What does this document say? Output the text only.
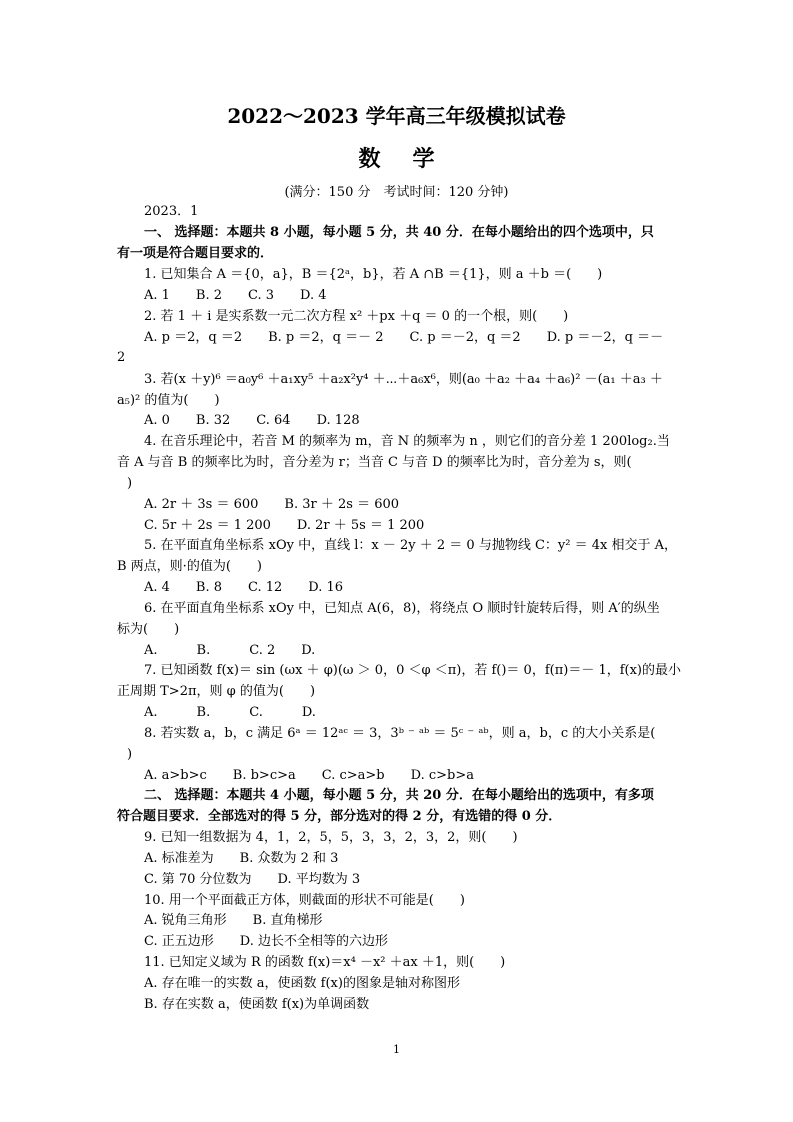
2022～2023 学年高三年级模拟试卷
数学
(满分：150 分　考试时间：120 分钟)
2023．1
一、 选择题：本题共 8 小题，每小题 5 分，共 40 分．在每小题给出的四个选项中，只
有一项是符合题目要求的．
1. 已知集合 A ＝{0，a}，B ＝{2ᵃ，b}，若 A ∩B ＝{1}，则 a ＋b ＝(　　)
A. 1　　B. 2　　C. 3　　D. 4
2. 若 1 ＋ i 是实系数一元二次方程 x² ＋px ＋q ＝ 0 的一个根，则(　　)
A. p ＝2，q ＝2　　B. p ＝2，q ＝－ 2　　C. p ＝－2，q ＝2　　D. p ＝－2，q ＝－
2
3. 若(x ＋y)⁶ ＝a₀y⁶ ＋a₁xy⁵ ＋a₂x²y⁴ ＋⋯＋a₆x⁶，则(a₀ ＋a₂ ＋a₄ ＋a₆)² －(a₁ ＋a₃ ＋
a₅)² 的值为(　　)
A. 0　　B. 32　　C. 64　　D. 128
4. 在音乐理论中，若音 M 的频率为 m，音 N 的频率为 n ，则它们的音分差 1 200log₂.当
音 A 与音 B 的频率比为时，音分差为 r；当音 C 与音 D 的频率比为时，音分差为 s，则(
)
A. 2r ＋ 3s ＝ 600　　B. 3r ＋ 2s ＝ 600
C. 5r ＋ 2s ＝ 1 200　　D. 2r ＋ 5s ＝ 1 200
5. 在平面直角坐标系 xOy 中，直线 l：x － 2y ＋ 2 ＝ 0 与抛物线 C：y² ＝ 4x 相交于 A，
B 两点，则·的值为(　　)
A. 4　　B. 8　　C. 12　　D. 16
6. 在平面直角坐标系 xOy 中，已知点 A(6，8)，将绕点 O 顺时针旋转后得，则 A′的纵坐
标为(　　)
A.　　　B.　　　C. 2　　D.
7. 已知函数 f(x)＝ sin (ωx ＋ φ)(ω ＞ 0，0 ＜φ ＜π)，若 f()＝ 0，f(π)＝－ 1，f(x)的最小
正周期 T>2π，则 φ 的值为(　　)
A.　　　B.　　　C.　　　D.
8. 若实数 a，b，c 满足 6ᵃ ＝ 12ᵃᶜ ＝ 3，3ᵇ ⁻ ᵃᵇ ＝ 5ᶜ ⁻ ᵃᵇ，则 a，b，c 的大小关系是(
)
A. a>b>c　　B. b>c>a　　C. c>a>b　　D. c>b>a
二、 选择题：本题共 4 小题，每小题 5 分，共 20 分．在每小题给出的选项中，有多项
符合题目要求．全部选对的得 5 分，部分选对的得 2 分，有选错的得 0 分．
9. 已知一组数据为 4，1，2，5，5，3，3，2，3，2，则(　　)
A. 标准差为　　B. 众数为 2 和 3
C. 第 70 分位数为　　D. 平均数为 3
10. 用一个平面截正方体，则截面的形状不可能是(　　)
A. 锐角三角形　　B. 直角梯形
C. 正五边形　　D. 边长不全相等的六边形
11. 已知定义域为 R 的函数 f(x)＝x⁴ －x² ＋ax ＋1，则(　　)
A. 存在唯一的实数 a，使函数 f(x)的图象是轴对称图形
B. 存在实数 a，使函数 f(x)为单调函数
1
